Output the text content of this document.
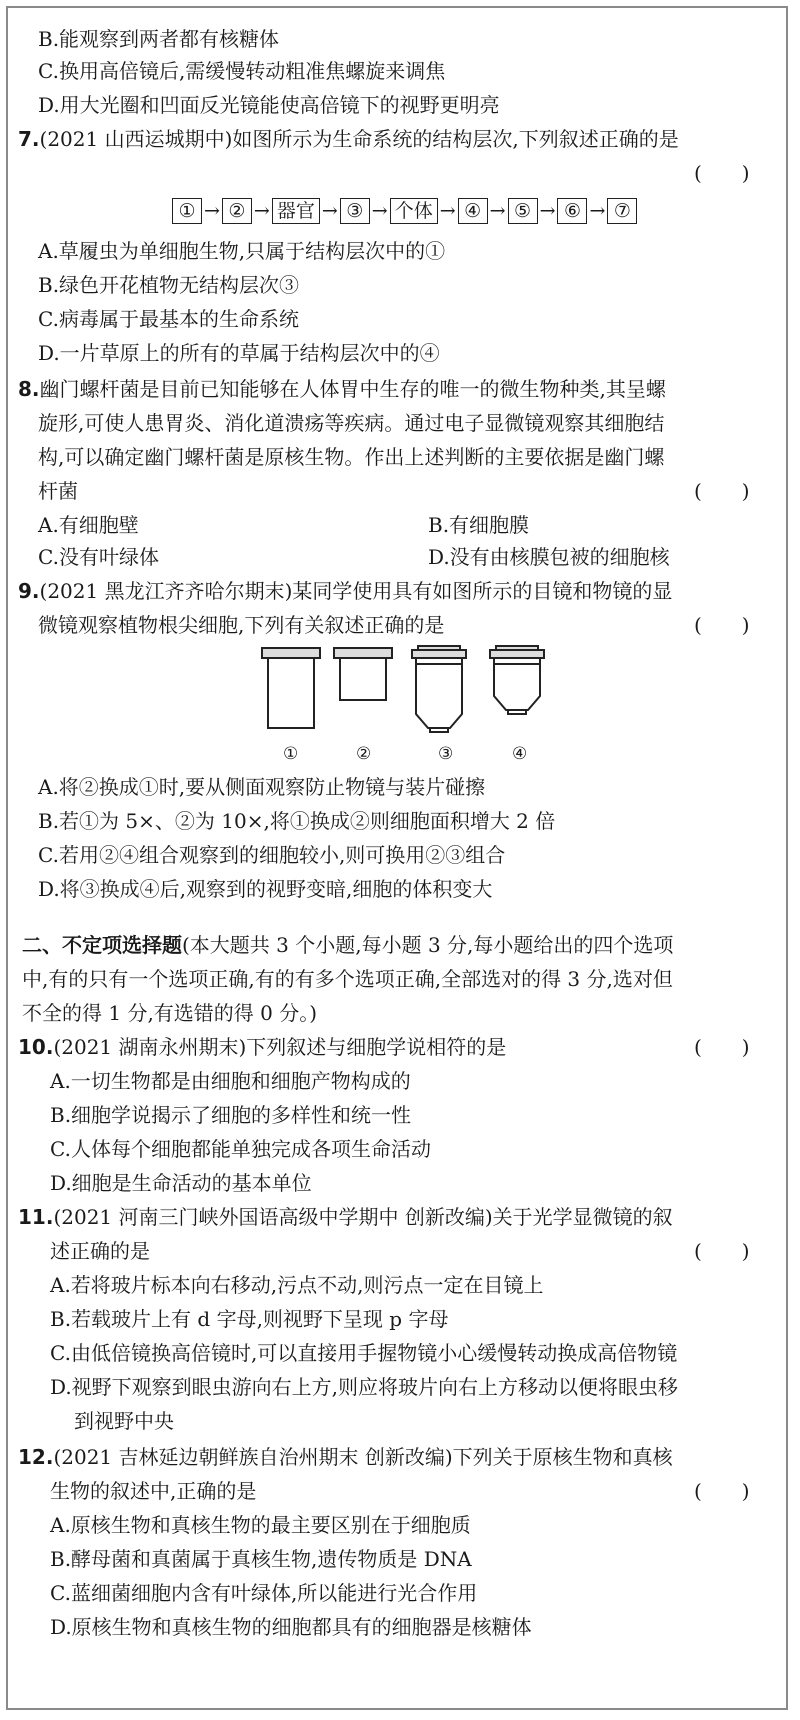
B.能观察到两者都有核糖体
C.换用高倍镜后,需缓慢转动粗准焦螺旋来调焦
D.用大光圈和凹面反光镜能使高倍镜下的视野更明亮
7.(2021 山西运城期中)如图所示为生命系统的结构层次,下列叙述正确的是
(　　)
① → ② → 器官 → ③ → 个体 → ④ → ⑤ → ⑥ → ⑦
A.草履虫为单细胞生物,只属于结构层次中的①
B.绿色开花植物无结构层次③
C.病毒属于最基本的生命系统
D.一片草原上的所有的草属于结构层次中的④
8.幽门螺杆菌是目前已知能够在人体胃中生存的唯一的微生物种类,其呈螺
旋形,可使人患胃炎、消化道溃疡等疾病。通过电子显微镜观察其细胞结
构,可以确定幽门螺杆菌是原核生物。作出上述判断的主要依据是幽门螺
杆菌	(　　)
A.有细胞壁	B.有细胞膜
C.没有叶绿体	D.没有由核膜包被的细胞核
9.(2021 黑龙江齐齐哈尔期末)某同学使用具有如图所示的目镜和物镜的显
微镜观察植物根尖细胞,下列有关叙述正确的是	(　　)
①	②	③	④
A.将②换成①时,要从侧面观察防止物镜与装片碰擦
B.若①为 5×、②为 10×,将①换成②则细胞面积增大 2 倍
C.若用②④组合观察到的细胞较小,则可换用②③组合
D.将③换成④后,观察到的视野变暗,细胞的体积变大
二、不定项选择题(本大题共 3 个小题,每小题 3 分,每小题给出的四个选项
中,有的只有一个选项正确,有的有多个选项正确,全部选对的得 3 分,选对但
不全的得 1 分,有选错的得 0 分。)
10.(2021 湖南永州期末)下列叙述与细胞学说相符的是	(　　)
A.一切生物都是由细胞和细胞产物构成的
B.细胞学说揭示了细胞的多样性和统一性
C.人体每个细胞都能单独完成各项生命活动
D.细胞是生命活动的基本单位
11.(2021 河南三门峡外国语高级中学期中 创新改编)关于光学显微镜的叙
述正确的是	(　　)
A.若将玻片标本向右移动,污点不动,则污点一定在目镜上
B.若载玻片上有 d 字母,则视野下呈现 p 字母
C.由低倍镜换高倍镜时,可以直接用手握物镜小心缓慢转动换成高倍物镜
D.视野下观察到眼虫游向右上方,则应将玻片向右上方移动以便将眼虫移
到视野中央
12.(2021 吉林延边朝鲜族自治州期末 创新改编)下列关于原核生物和真核
生物的叙述中,正确的是	(　　)
A.原核生物和真核生物的最主要区别在于细胞质
B.酵母菌和真菌属于真核生物,遗传物质是 DNA
C.蓝细菌细胞内含有叶绿体,所以能进行光合作用
D.原核生物和真核生物的细胞都具有的细胞器是核糖体
